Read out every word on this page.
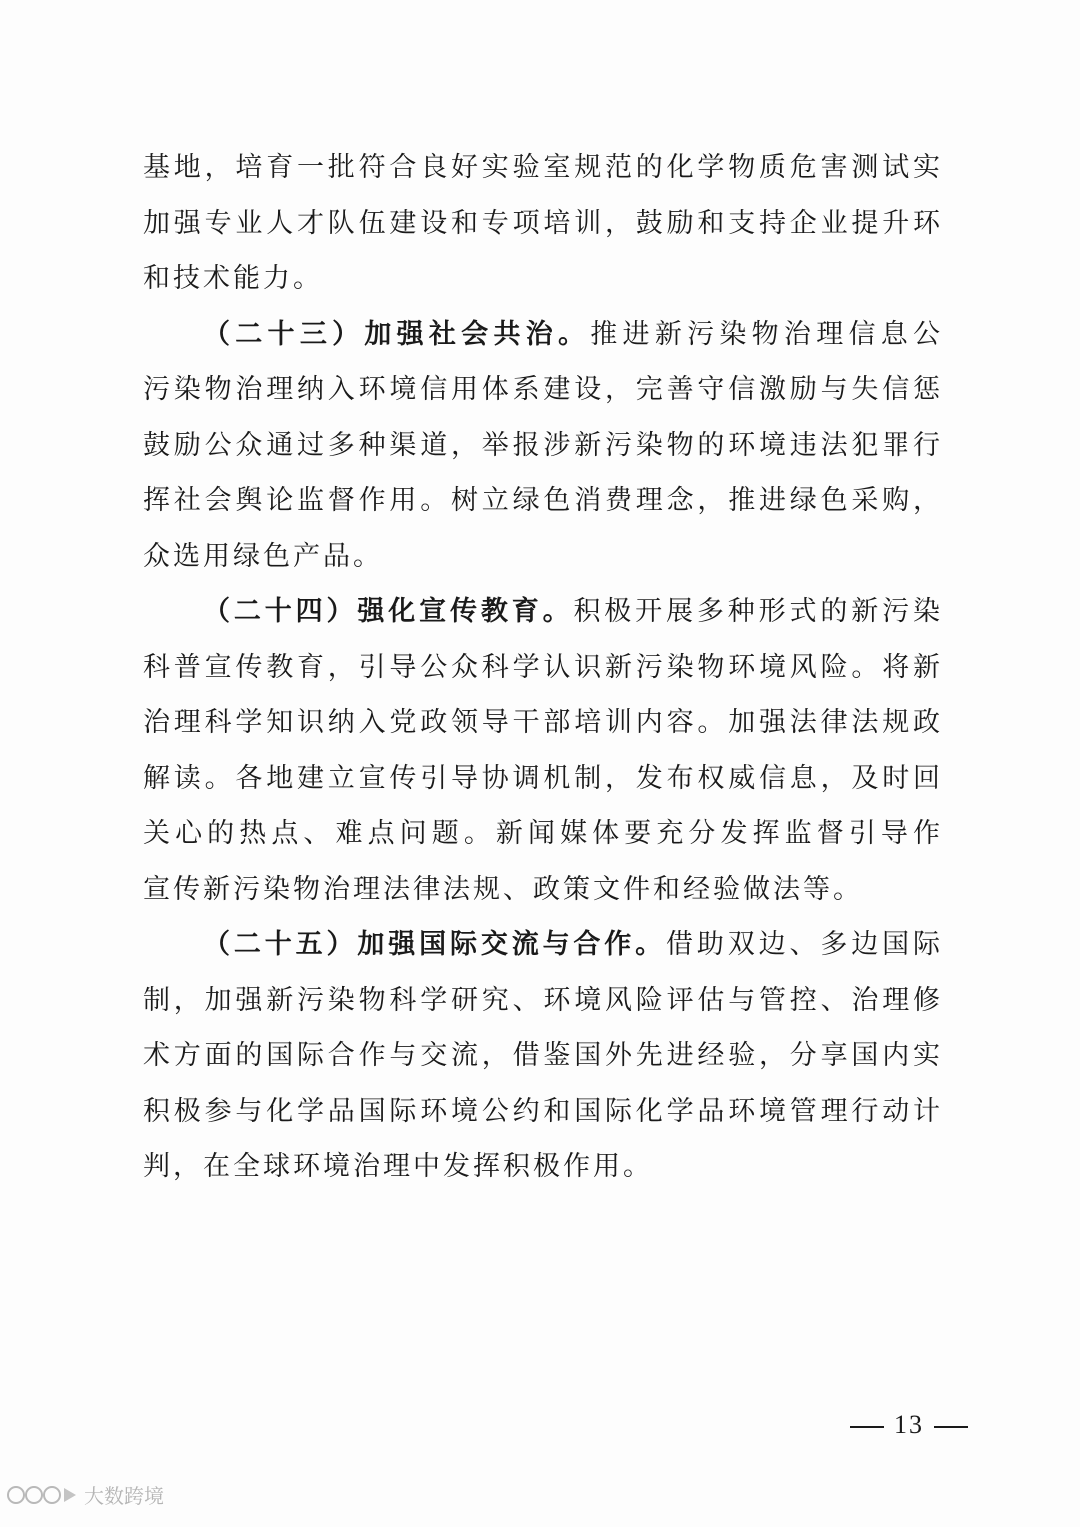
基地，培育一批符合良好实验室规范的化学物质危害测试实
加强专业人才队伍建设和专项培训，鼓励和支持企业提升环
和技术能力。
（二十三）加强社会共治。推进新污染物治理信息公
污染物治理纳入环境信用体系建设，完善守信激励与失信惩
鼓励公众通过多种渠道，举报涉新污染物的环境违法犯罪行
挥社会舆论监督作用。树立绿色消费理念，推进绿色采购，
众选用绿色产品。
（二十四）强化宣传教育。积极开展多种形式的新污染
科普宣传教育，引导公众科学认识新污染物环境风险。将新
治理科学知识纳入党政领导干部培训内容。加强法律法规政
解读。各地建立宣传引导协调机制，发布权威信息，及时回
关心的热点、难点问题。新闻媒体要充分发挥监督引导作
宣传新污染物治理法律法规、政策文件和经验做法等。
（二十五）加强国际交流与合作。借助双边、多边国际
制，加强新污染物科学研究、环境风险评估与管控、治理修
术方面的国际合作与交流，借鉴国外先进经验，分享国内实
积极参与化学品国际环境公约和国际化学品环境管理行动计
判，在全球环境治理中发挥积极作用。
13
大数跨境
